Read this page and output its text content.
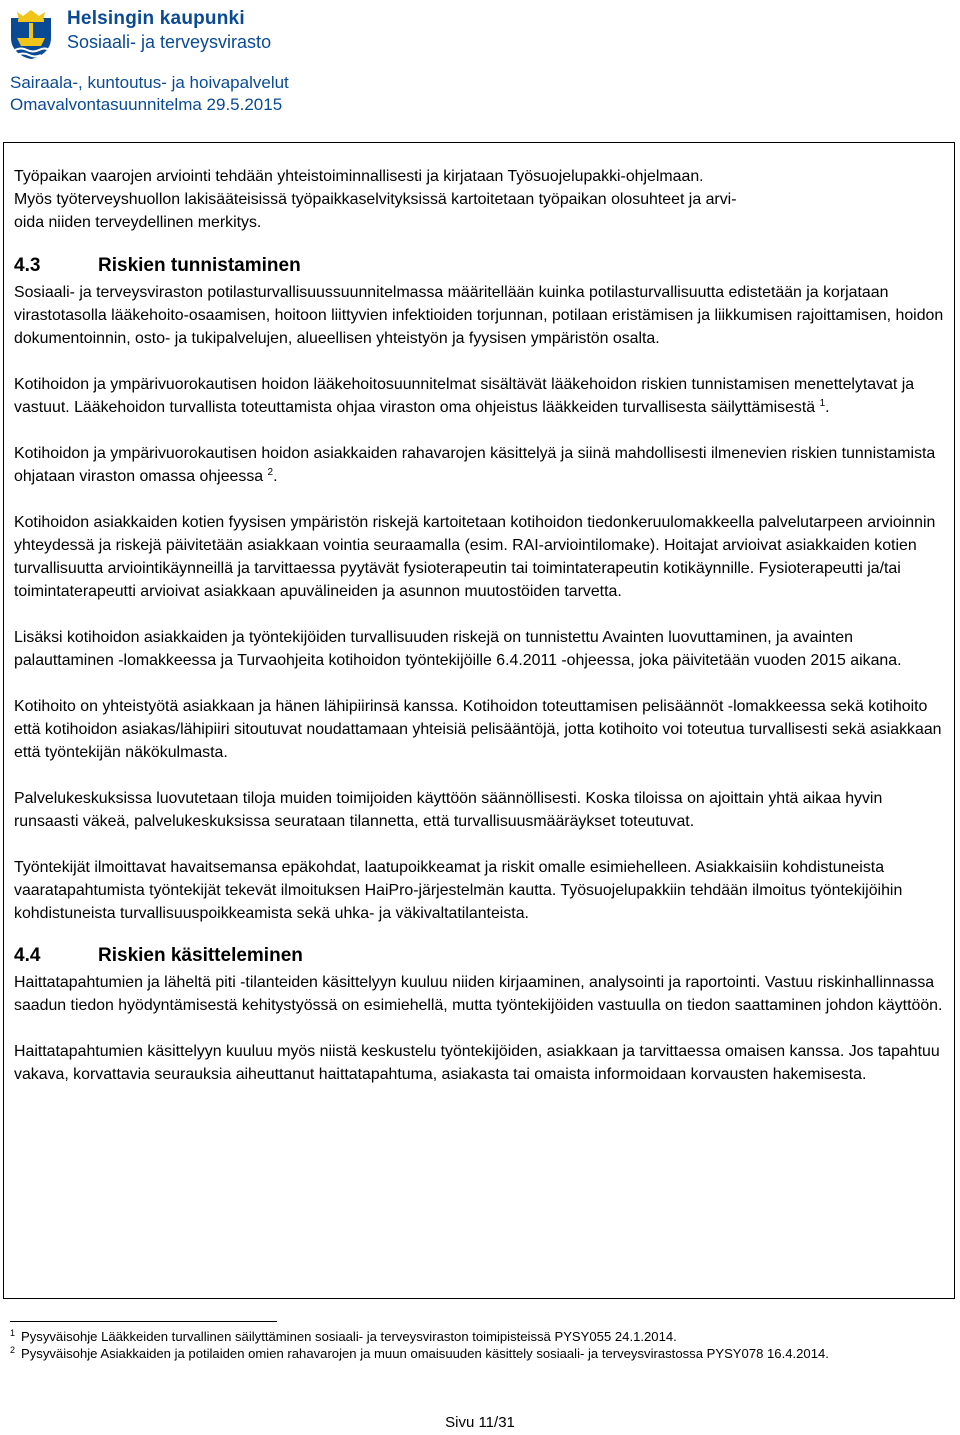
Helsingin kaupunki
Sosiaali- ja terveysvirasto
Sairaala-, kuntoutus- ja hoivapalvelut
Omavalvontasuunnitelma 29.5.2015

Työpaikan vaarojen arviointi tehdään yhteistoiminnallisesti ja kirjataan Työsuojelupakki-ohjelmaan.
Myös työterveyshuollon lakisääteisissä työpaikkaselvityksissä kartoitetaan työpaikan olosuhteet ja arvi-
oida niiden terveydellinen merkitys.

4.3	Riskien tunnistaminen

Sosiaali- ja terveysviraston potilasturvallisuussuunnitelmassa määritellään kuinka potilasturvallisuutta edistetään ja korjataan virastotasolla lääkehoito-osaamisen, hoitoon liittyvien infektioiden torjunnan, potilaan eristämisen ja liikkumisen rajoittamisen, hoidon dokumentoinnin, osto- ja tukipalvelujen, alueellisen yhteistyön ja fyysisen ympäristön osalta.

Kotihoidon ja ympärivuorokautisen hoidon lääkehoitosuunnitelmat sisältävät lääkehoidon riskien tunnistamisen menettelytavat ja vastuut. Lääkehoidon turvallista toteuttamista ohjaa viraston oma ohjeistus lääkkeiden turvallisesta säilyttämisestä $^1$.

Kotihoidon ja ympärivuorokautisen hoidon asiakkaiden rahavarojen käsittelyä ja siinä mahdollisesti ilmenevien riskien tunnistamista ohjataan viraston omassa ohjeessa $^2$.

Kotihoidon asiakkaiden kotien fyysisen ympäristön riskejä kartoitetaan kotihoidon tiedonkeruulomakkeella palvelutarpeen arvioinnin yhteydessä ja riskejä päivitetään asiakkaan vointia seuraamalla (esim. RAI-arviointilomake). Hoitajat arvioivat asiakkaiden kotien turvallisuutta arviointikäynneillä ja tarvittaessa pyytävät fysioterapeutin tai toimintaterapeutin kotikäynnille. Fysioterapeutti ja/tai toimintaterapeutti arvioivat asiakkaan apuvälineiden ja asunnon muutostöiden tarvetta.

Lisäksi kotihoidon asiakkaiden ja työntekijöiden turvallisuuden riskejä on tunnistettu Avainten luovuttaminen, ja avainten palauttaminen -lomakkeessa ja Turvaohjeita kotihoidon työntekijöille 6.4.2011 -ohjeessa, joka päivitetään vuoden 2015 aikana.

Kotihoito on yhteistyötä asiakkaan ja hänen lähipiirinsä kanssa. Kotihoidon toteuttamisen pelisäännöt -lomakkeessa sekä kotihoito että kotihoidon asiakas/lähipiiri sitoutuvat noudattamaan yhteisiä pelisääntöjä, jotta kotihoito voi toteutua turvallisesti sekä asiakkaan että työntekijän näkökulmasta.

Palvelukeskuksissa luovutetaan tiloja muiden toimijoiden käyttöön säännöllisesti. Koska tiloissa on ajoittain yhtä aikaa hyvin runsaasti väkeä, palvelukeskuksissa seurataan tilannetta, että turvallisuusmääräykset toteutuvat.

Työntekijät ilmoittavat havaitsemansa epäkohdat, laatupoikkeamat ja riskit omalle esimiehelleen. Asiakkaisiin kohdistuneista vaaratapahtumista työntekijät tekevät ilmoituksen HaiPro-järjestelmän kautta. Työsuojelupakkiin tehdään ilmoitus työntekijöihin kohdistuneista turvallisuuspoikkeamista sekä uhka- ja väkivaltatilanteista.

4.4	Riskien käsitteleminen

Haittatapahtumien ja läheltä piti -tilanteiden käsittelyyn kuuluu niiden kirjaaminen, analysointi ja raportointi. Vastuu riskinhallinnassa saadun tiedon hyödyntämisestä kehitystyössä on esimiehellä, mutta työntekijöiden vastuulla on tiedon saattaminen johdon käyttöön.

Haittatapahtumien käsittelyyn kuuluu myös niistä keskustelu työntekijöiden, asiakkaan ja tarvittaessa omaisen kanssa. Jos tapahtuu vakava, korvattavia seurauksia aiheuttanut haittatapahtuma, asiakasta tai omaista informoidaan korvausten hakemisesta.

$^1$ Pysyväisohje Lääkkeiden turvallinen säilyttäminen sosiaali- ja terveysviraston toimipisteissä PYSY055 24.1.2014.

$^2$ Pysyväisohje Asiakkaiden ja potilaiden omien rahavarojen ja muun omaisuuden käsittely sosiaali- ja terveysvirastossa PYSY078 16.4.2014.

Sivu 11/31
